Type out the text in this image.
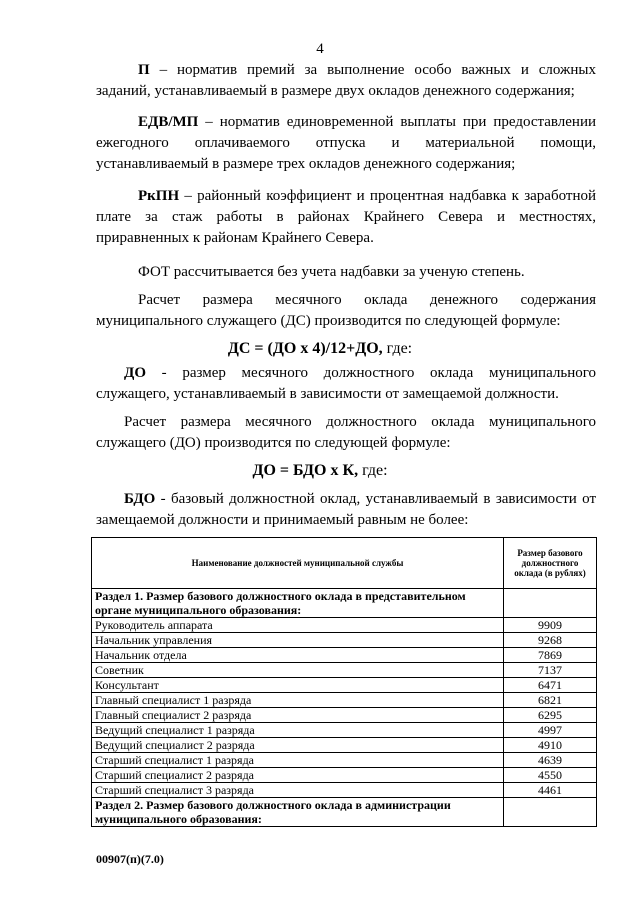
4
П – норматив премий за выполнение особо важных и сложных заданий, устанавливаемый в размере двух окладов денежного содержания;
ЕДВ/МП – норматив единовременной выплаты при предоставлении ежегодного оплачиваемого отпуска и материальной помощи, устанавливаемый в размере трех окладов денежного содержания;
РкПН – районный коэффициент и процентная надбавка к заработной плате за стаж работы в районах Крайнего Севера и местностях, приравненных к районам Крайнего Севера.
ФОТ рассчитывается без учета надбавки за ученую степень.
Расчет размера месячного оклада денежного содержания муниципального служащего (ДС) производится по следующей формуле:
ДС = (ДО х 4)/12+ДО, где:
ДО - размер месячного должностного оклада муниципального служащего, устанавливаемый в зависимости от замещаемой должности.
Расчет размера месячного должностного оклада муниципального служащего (ДО) производится по следующей формуле:
ДО = БДО х К, где:
БДО - базовый должностной оклад, устанавливаемый в зависимости от замещаемой должности и принимаемый равным не более:
Наименование должностей муниципальной службы	Размер базового должностного оклада (в рублях)
Раздел 1. Размер базового должностного оклада в представительном органе муниципального образования:	
Руководитель аппарата	9909
Начальник управления	9268
Начальник отдела	7869
Советник	7137
Консультант	6471
Главный специалист 1 разряда	6821
Главный специалист 2 разряда	6295
Ведущий специалист 1 разряда	4997
Ведущий специалист 2 разряда	4910
Старший специалист 1 разряда	4639
Старший специалист 2 разряда	4550
Старший специалист 3 разряда	4461
Раздел 2. Размер базового должностного оклада в администрации муниципального образования:	
00907(п)(7.0)
